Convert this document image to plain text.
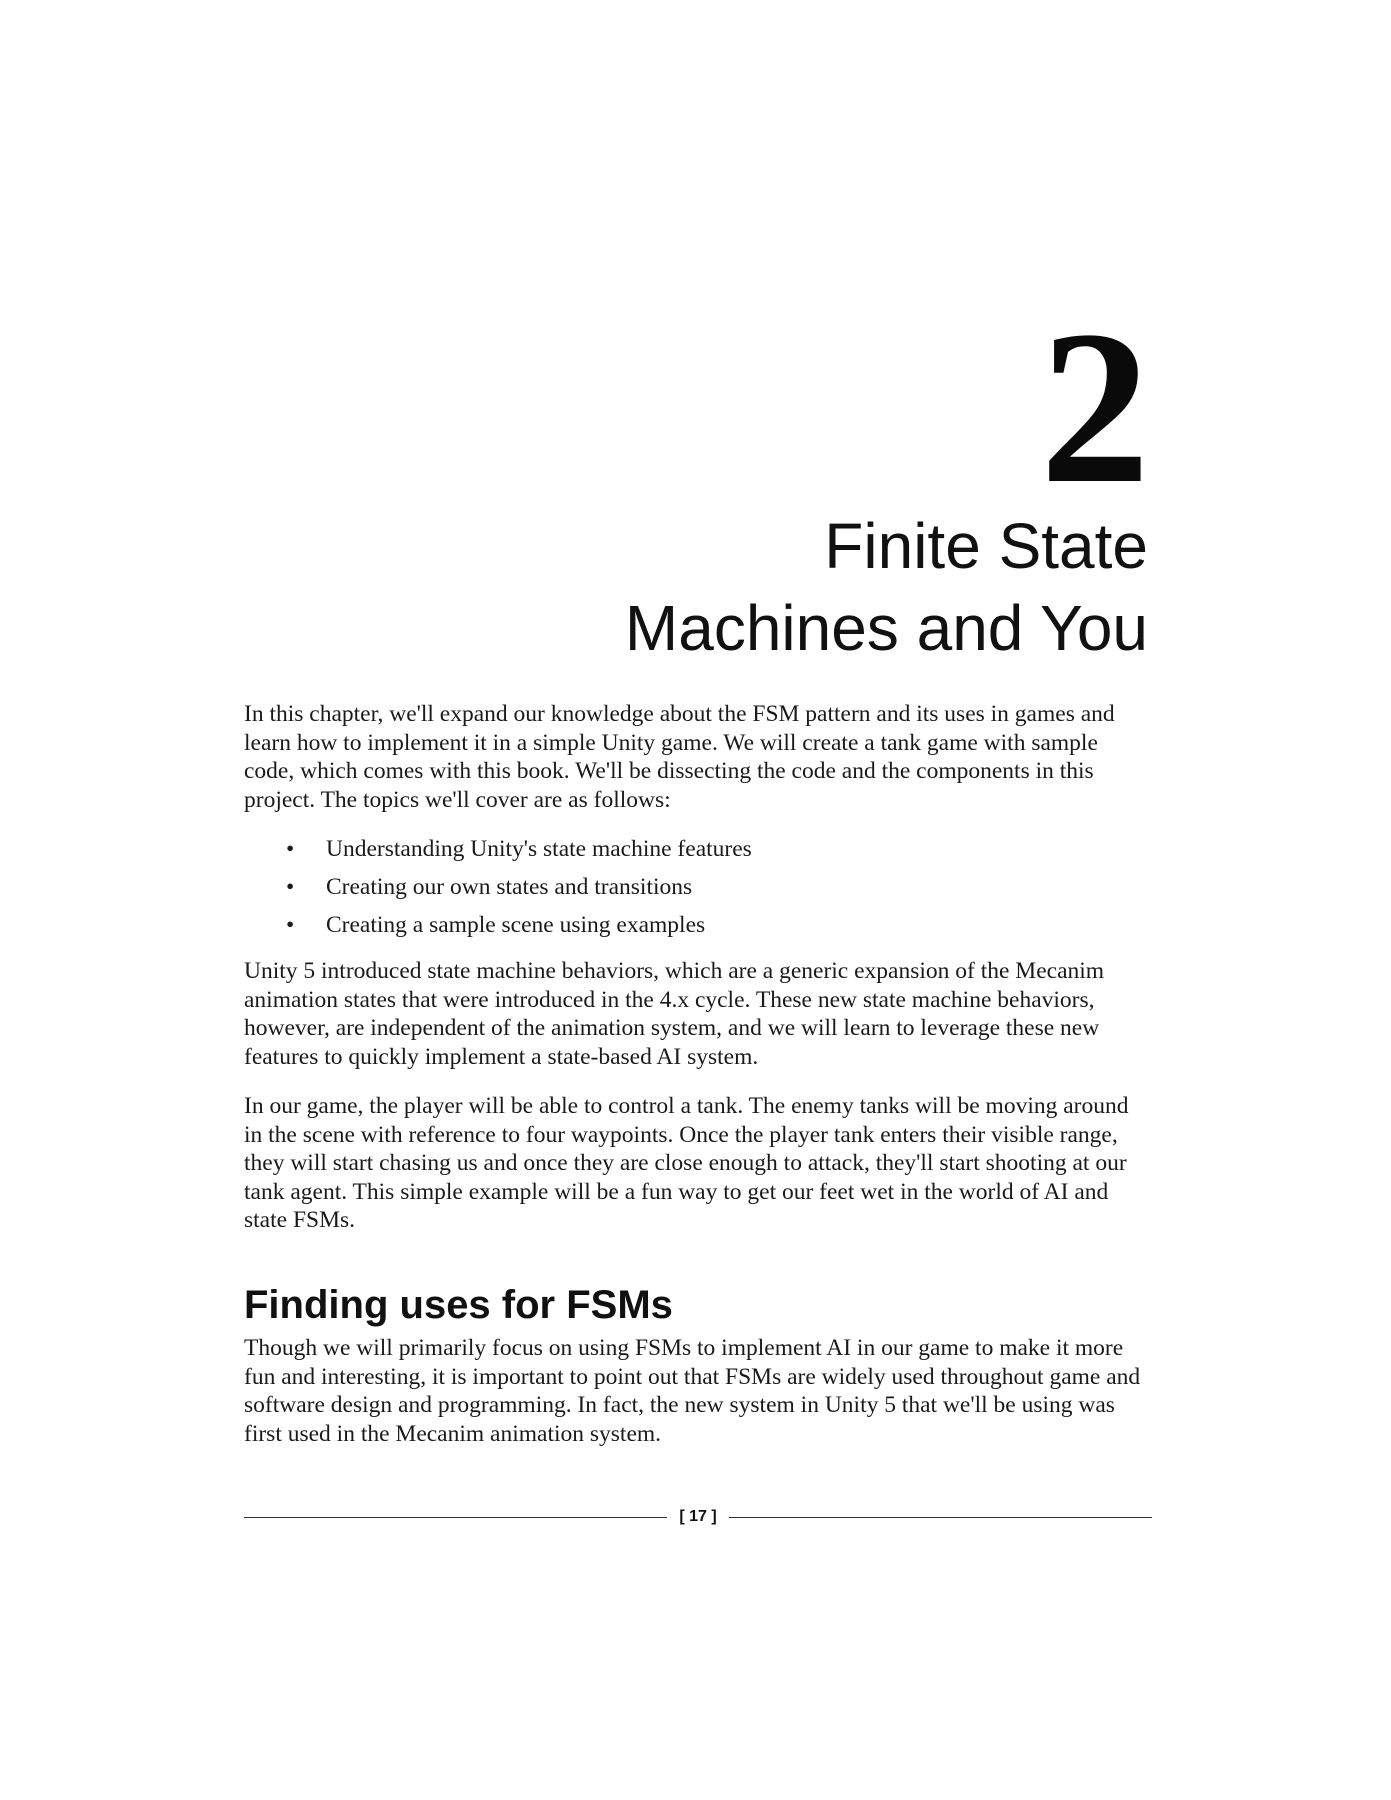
2
Finite State
Machines and You

In this chapter, we'll expand our knowledge about the FSM pattern and its uses in games and learn how to implement it in a simple Unity game. We will create a tank game with sample code, which comes with this book. We'll be dissecting the code and the components in this project. The topics we'll cover are as follows:

• Understanding Unity's state machine features
• Creating our own states and transitions
• Creating a sample scene using examples

Unity 5 introduced state machine behaviors, which are a generic expansion of the Mecanim animation states that were introduced in the 4.x cycle. These new state machine behaviors, however, are independent of the animation system, and we will learn to leverage these new features to quickly implement a state-based AI system.

In our game, the player will be able to control a tank. The enemy tanks will be moving around in the scene with reference to four waypoints. Once the player tank enters their visible range, they will start chasing us and once they are close enough to attack, they'll start shooting at our tank agent. This simple example will be a fun way to get our feet wet in the world of AI and state FSMs.

Finding uses for FSMs

Though we will primarily focus on using FSMs to implement AI in our game to make it more fun and interesting, it is important to point out that FSMs are widely used throughout game and software design and programming. In fact, the new system in Unity 5 that we'll be using was first used in the Mecanim animation system.

[ 17 ]
